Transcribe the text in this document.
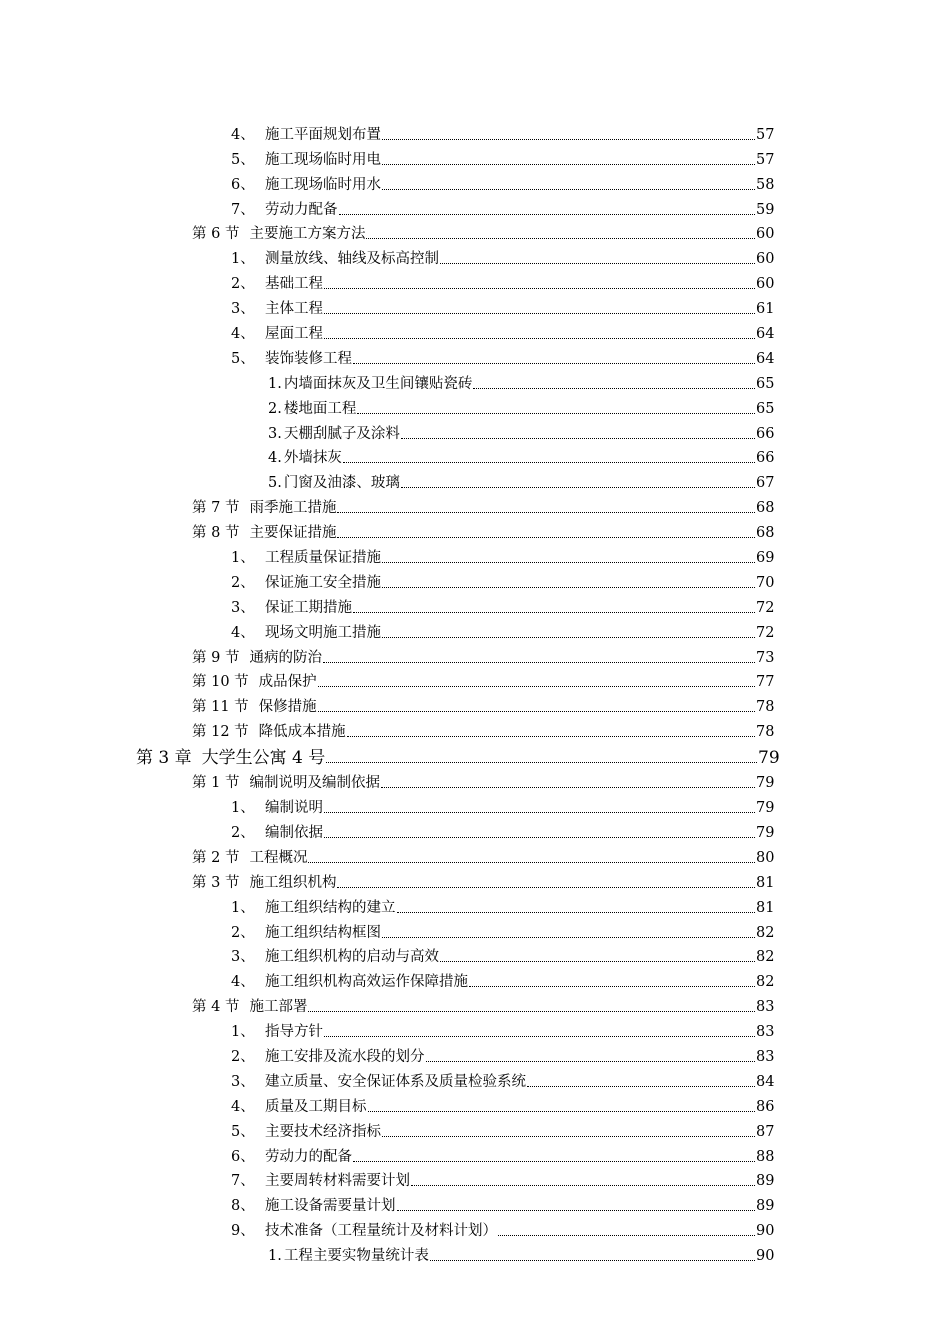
4、 施工平面规划布置	57
5、 施工现场临时用电	57
6、 施工现场临时用水	58
7、 劳动力配备	59
第 6 节 主要施工方案方法	60
1、 测量放线、轴线及标高控制	60
2、 基础工程	60
3、 主体工程	61
4、 屋面工程	64
5、 装饰装修工程	64
1. 内墙面抹灰及卫生间镶贴瓷砖	65
2. 楼地面工程	65
3. 天棚刮腻子及涂料	66
4. 外墙抹灰	66
5. 门窗及油漆、玻璃	67
第 7 节 雨季施工措施	68
第 8 节 主要保证措施	68
1、 工程质量保证措施	69
2、 保证施工安全措施	70
3、 保证工期措施	72
4、 现场文明施工措施	72
第 9 节 通病的防治	73
第 10 节 成品保护	77
第 11 节 保修措施	78
第 12 节 降低成本措施	78
第 3 章 大学生公寓 4 号	79
第 1 节 编制说明及编制依据	79
1、 编制说明	79
2、 编制依据	79
第 2 节 工程概况	80
第 3 节 施工组织机构	81
1、 施工组织结构的建立	81
2、 施工组织结构框图	82
3、 施工组织机构的启动与高效	82
4、 施工组织机构高效运作保障措施	82
第 4 节 施工部署	83
1、 指导方针	83
2、 施工安排及流水段的划分	83
3、 建立质量、安全保证体系及质量检验系统	84
4、 质量及工期目标	86
5、 主要技术经济指标	87
6、 劳动力的配备	88
7、 主要周转材料需要计划	89
8、 施工设备需要量计划	89
9、 技术准备（工程量统计及材料计划）	90
1. 工程主要实物量统计表	90
